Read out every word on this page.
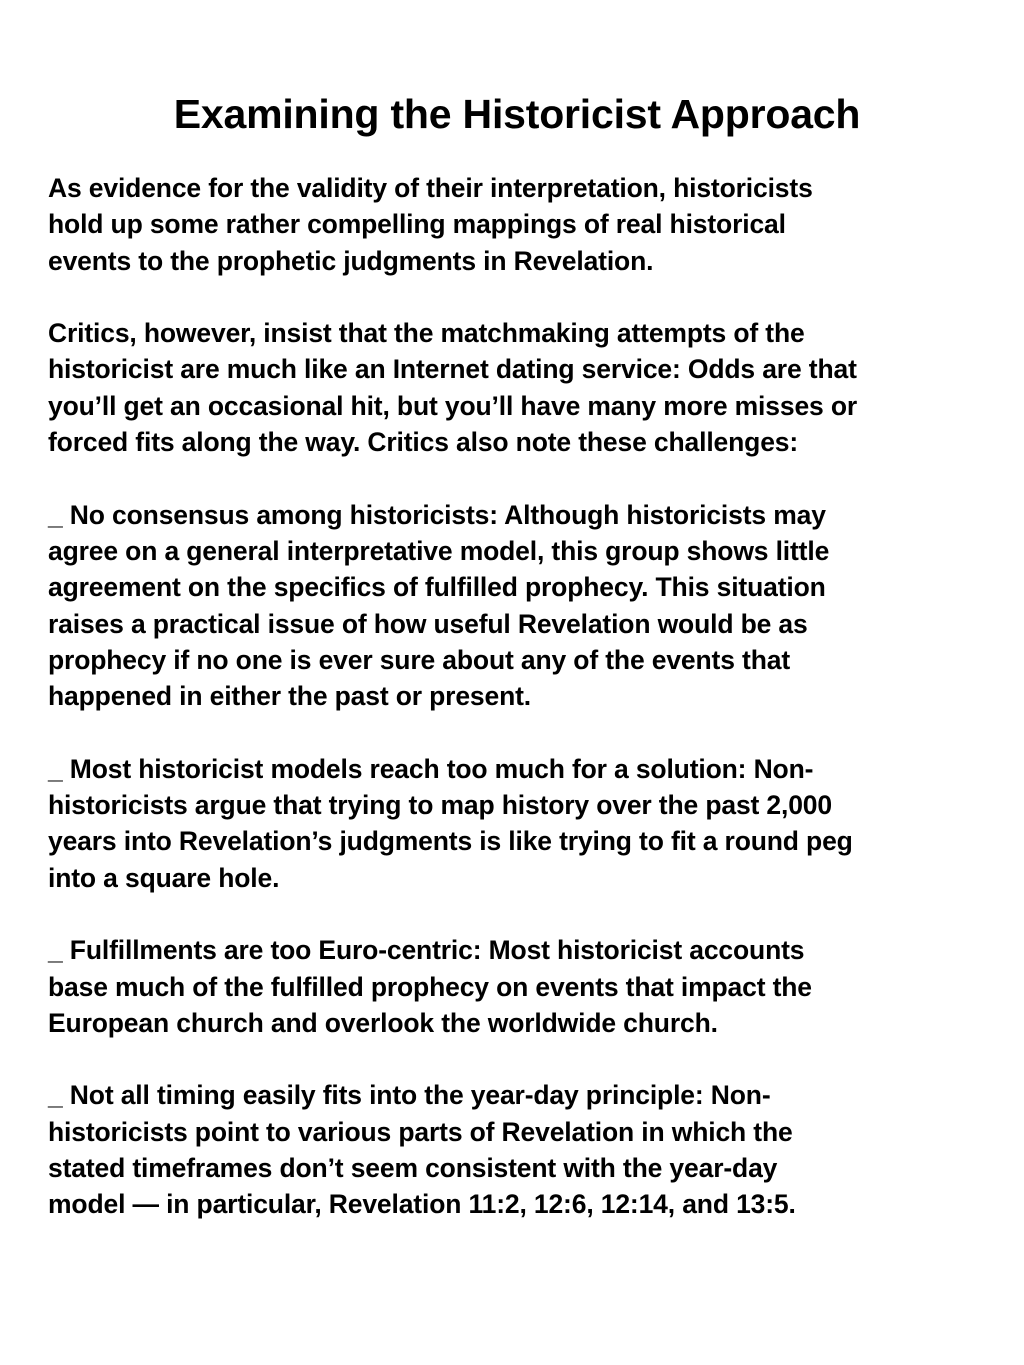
Examining the Historicist Approach

As evidence for the validity of their interpretation, historicists
hold up some rather compelling mappings of real historical
events to the prophetic judgments in Revelation.

Critics, however, insist that the matchmaking attempts of the
historicist are much like an Internet dating service: Odds are that
you’ll get an occasional hit, but you’ll have many more misses or
forced fits along the way. Critics also note these challenges:

_ No consensus among historicists: Although historicists may
agree on a general interpretative model, this group shows little
agreement on the specifics of fulfilled prophecy. This situation
raises a practical issue of how useful Revelation would be as
prophecy if no one is ever sure about any of the events that
happened in either the past or present.

_ Most historicist models reach too much for a solution: Non-
historicists argue that trying to map history over the past 2,000
years into Revelation’s judgments is like trying to fit a round peg
into a square hole.

_ Fulfillments are too Euro-centric: Most historicist accounts
base much of the fulfilled prophecy on events that impact the
European church and overlook the worldwide church.

_ Not all timing easily fits into the year-day principle: Non-
historicists point to various parts of Revelation in which the
stated timeframes don’t seem consistent with the year-day
model — in particular, Revelation 11:2, 12:6, 12:14, and 13:5.
